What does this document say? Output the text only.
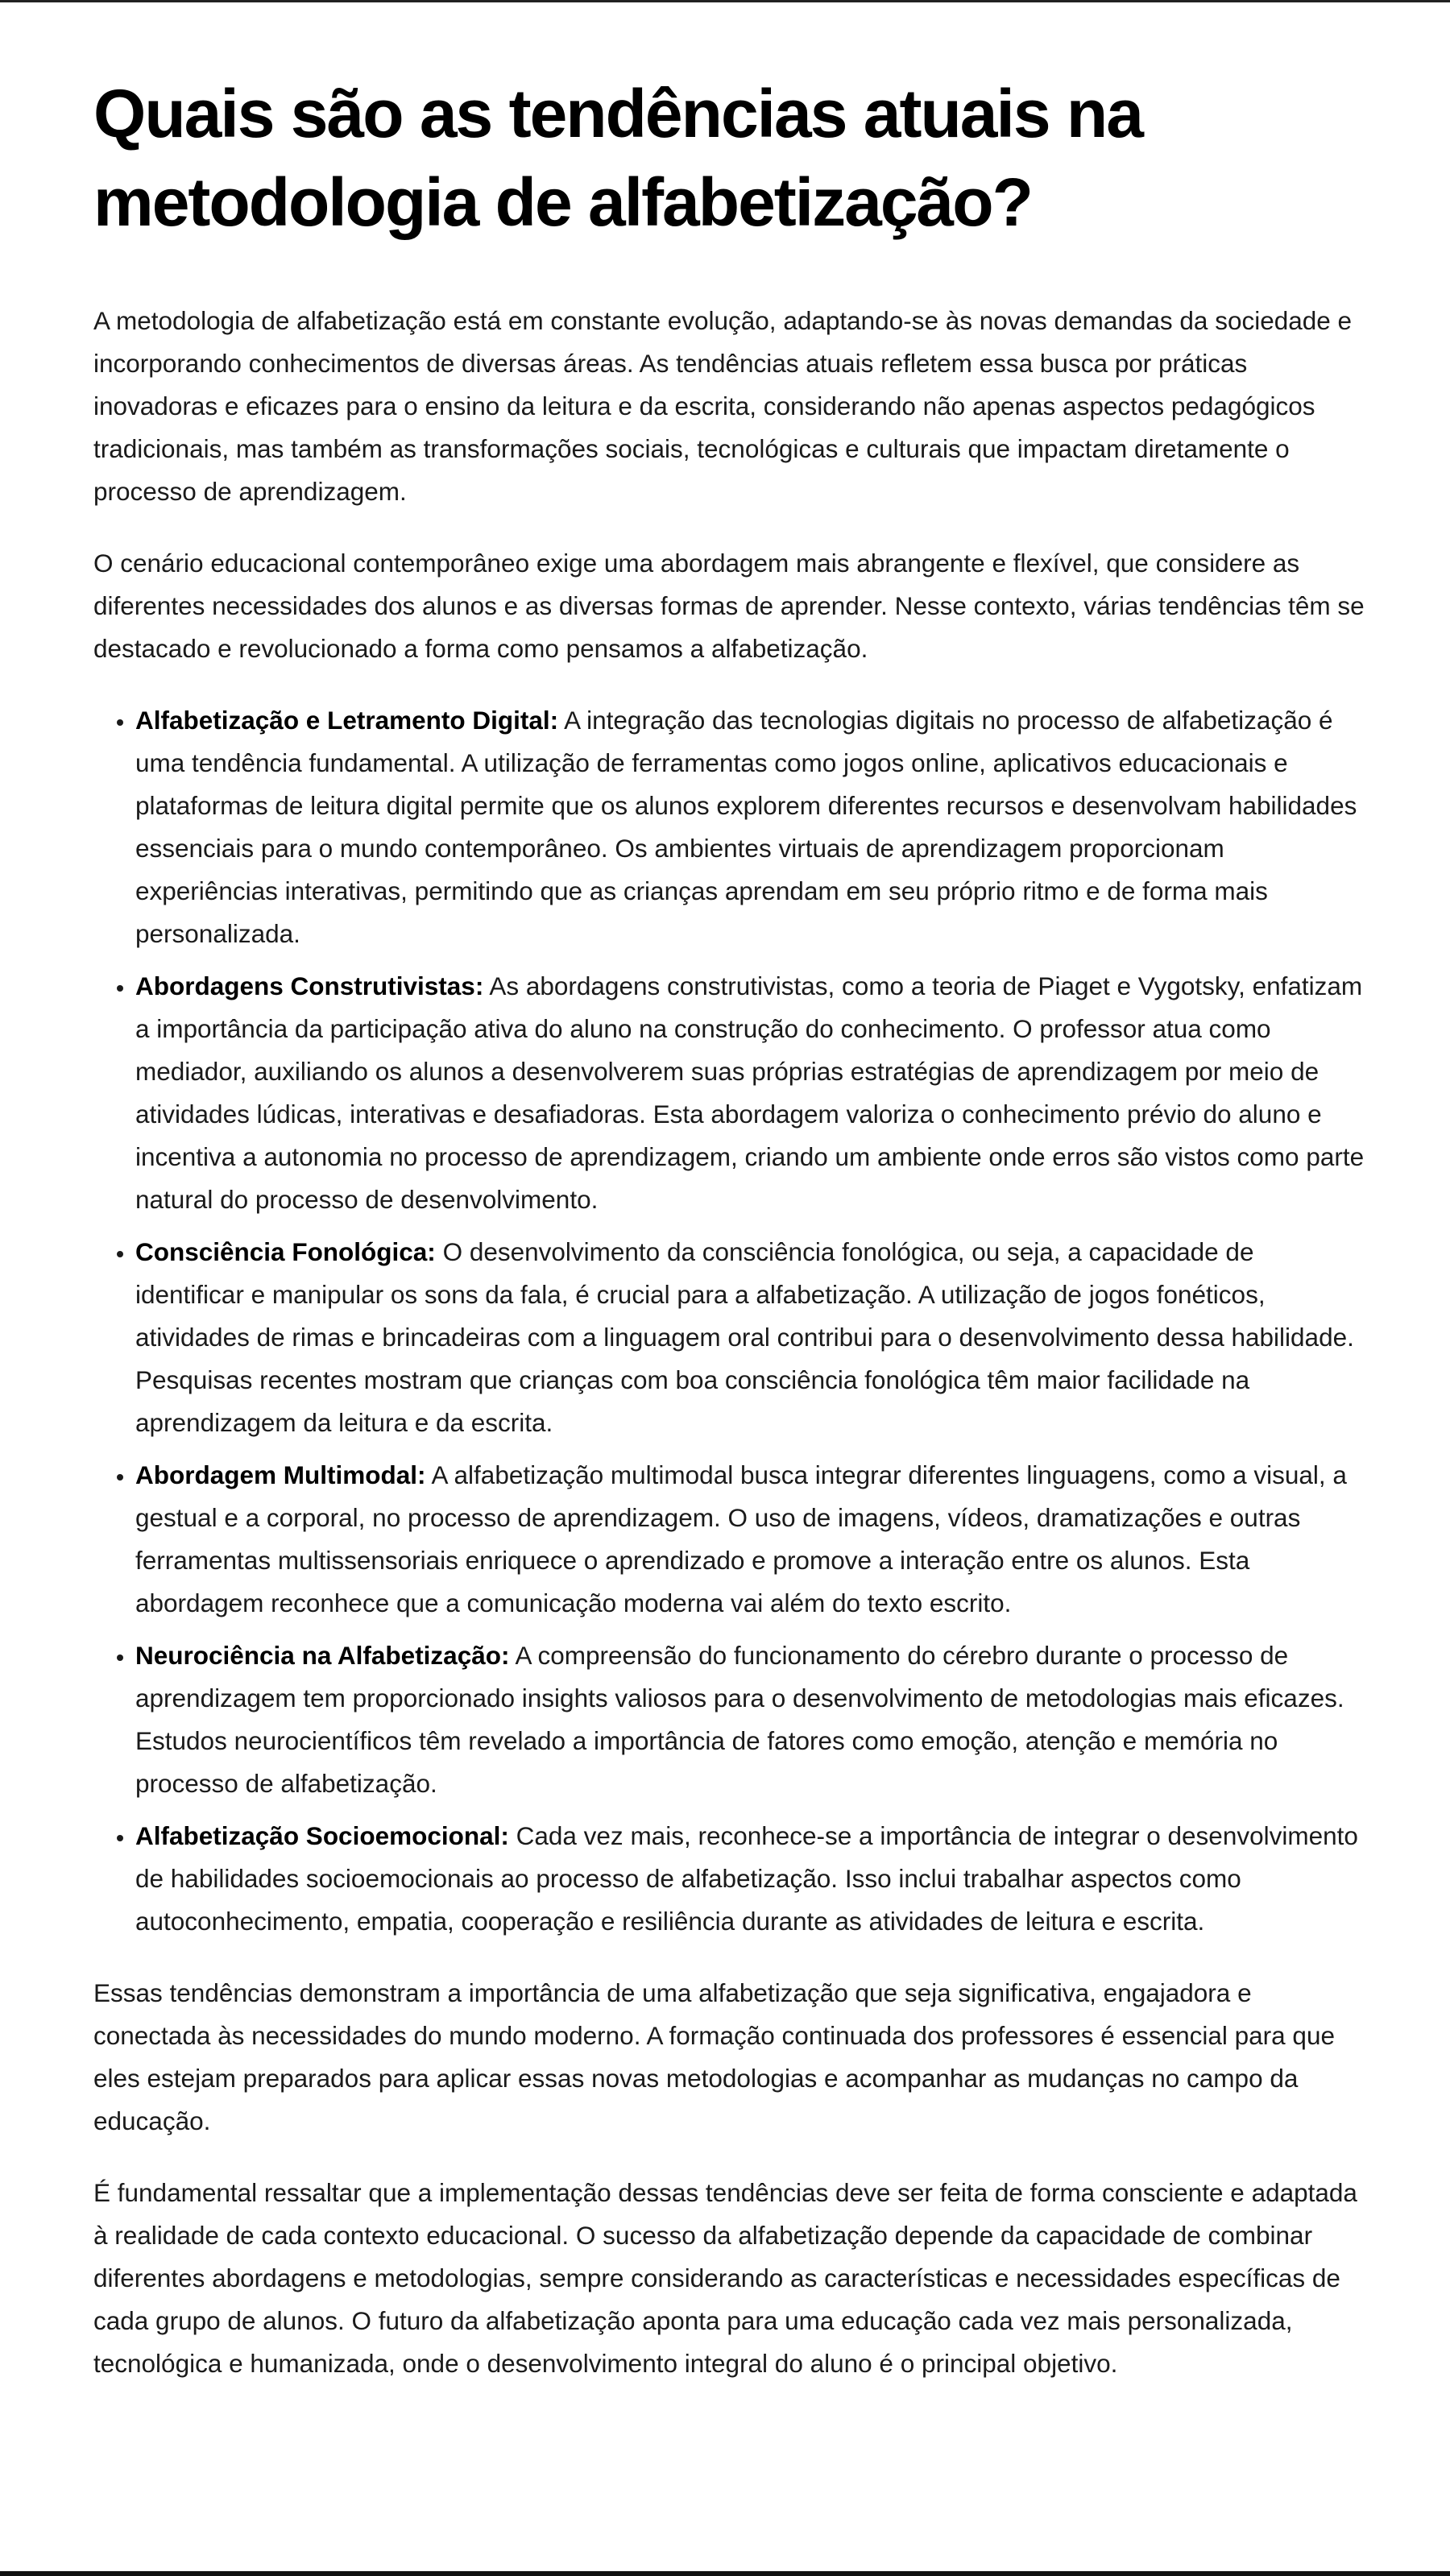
Quais são as tendências atuais na metodologia de alfabetização?

A metodologia de alfabetização está em constante evolução, adaptando-se às novas demandas da sociedade e incorporando conhecimentos de diversas áreas. As tendências atuais refletem essa busca por práticas inovadoras e eficazes para o ensino da leitura e da escrita, considerando não apenas aspectos pedagógicos tradicionais, mas também as transformações sociais, tecnológicas e culturais que impactam diretamente o processo de aprendizagem.

O cenário educacional contemporâneo exige uma abordagem mais abrangente e flexível, que considere as diferentes necessidades dos alunos e as diversas formas de aprender. Nesse contexto, várias tendências têm se destacado e revolucionado a forma como pensamos a alfabetização.

• Alfabetização e Letramento Digital: A integração das tecnologias digitais no processo de alfabetização é uma tendência fundamental. A utilização de ferramentas como jogos online, aplicativos educacionais e plataformas de leitura digital permite que os alunos explorem diferentes recursos e desenvolvam habilidades essenciais para o mundo contemporâneo. Os ambientes virtuais de aprendizagem proporcionam experiências interativas, permitindo que as crianças aprendam em seu próprio ritmo e de forma mais personalizada.
• Abordagens Construtivistas: As abordagens construtivistas, como a teoria de Piaget e Vygotsky, enfatizam a importância da participação ativa do aluno na construção do conhecimento. O professor atua como mediador, auxiliando os alunos a desenvolverem suas próprias estratégias de aprendizagem por meio de atividades lúdicas, interativas e desafiadoras. Esta abordagem valoriza o conhecimento prévio do aluno e incentiva a autonomia no processo de aprendizagem, criando um ambiente onde erros são vistos como parte natural do processo de desenvolvimento.
• Consciência Fonológica: O desenvolvimento da consciência fonológica, ou seja, a capacidade de identificar e manipular os sons da fala, é crucial para a alfabetização. A utilização de jogos fonéticos, atividades de rimas e brincadeiras com a linguagem oral contribui para o desenvolvimento dessa habilidade. Pesquisas recentes mostram que crianças com boa consciência fonológica têm maior facilidade na aprendizagem da leitura e da escrita.
• Abordagem Multimodal: A alfabetização multimodal busca integrar diferentes linguagens, como a visual, a gestual e a corporal, no processo de aprendizagem. O uso de imagens, vídeos, dramatizações e outras ferramentas multissensoriais enriquece o aprendizado e promove a interação entre os alunos. Esta abordagem reconhece que a comunicação moderna vai além do texto escrito.
• Neurociência na Alfabetização: A compreensão do funcionamento do cérebro durante o processo de aprendizagem tem proporcionado insights valiosos para o desenvolvimento de metodologias mais eficazes. Estudos neurocientíficos têm revelado a importância de fatores como emoção, atenção e memória no processo de alfabetização.
• Alfabetização Socioemocional: Cada vez mais, reconhece-se a importância de integrar o desenvolvimento de habilidades socioemocionais ao processo de alfabetização. Isso inclui trabalhar aspectos como autoconhecimento, empatia, cooperação e resiliência durante as atividades de leitura e escrita.

Essas tendências demonstram a importância de uma alfabetização que seja significativa, engajadora e conectada às necessidades do mundo moderno. A formação continuada dos professores é essencial para que eles estejam preparados para aplicar essas novas metodologias e acompanhar as mudanças no campo da educação.

É fundamental ressaltar que a implementação dessas tendências deve ser feita de forma consciente e adaptada à realidade de cada contexto educacional. O sucesso da alfabetização depende da capacidade de combinar diferentes abordagens e metodologias, sempre considerando as características e necessidades específicas de cada grupo de alunos. O futuro da alfabetização aponta para uma educação cada vez mais personalizada, tecnológica e humanizada, onde o desenvolvimento integral do aluno é o principal objetivo.
